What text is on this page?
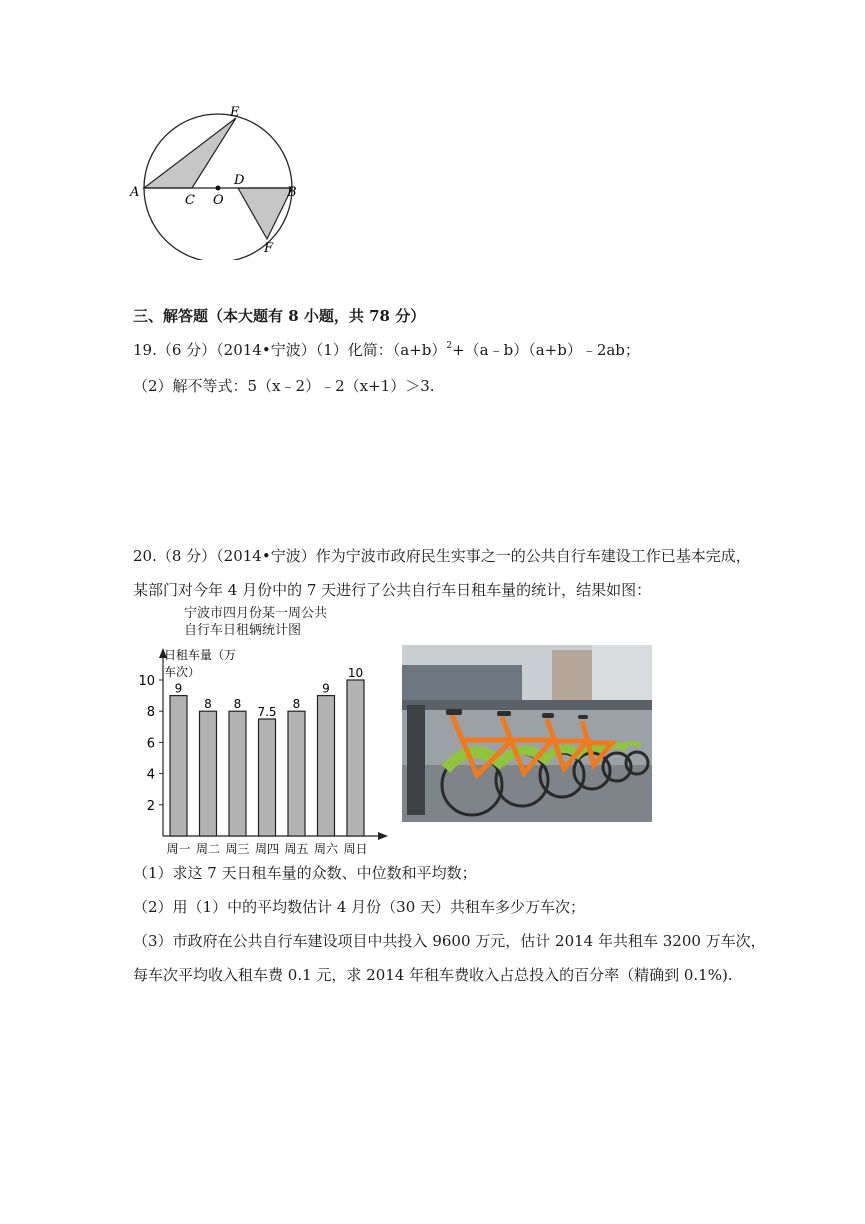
E
A
C O
D
B
F
三、解答题（本大题有 8 小题，共 78 分）
19.（6 分）（2014•宁波）（1）化简：$(a+b)^2+(a﹣b)(a+b)﹣2ab$；
（2）解不等式：5（x﹣2）﹣2（x+1）＞3.
20.（8 分）（2014•宁波）作为宁波市政府民生实事之一的公共自行车建设工作已基本完成，
某部门对今年 4 月份中的 7 天进行了公共自行车日租车量的统计，结果如图：
宁波市四月份某一周公共
自行车日租辆统计图
日租车量（万
车次）
2
4
6
8
10 9
周一
8
周二
8
周三
7.5
周四
8
周五
9
周六
10
周日
（1）求这 7 天日租车量的众数、中位数和平均数；
（2）用（1）中的平均数估计 4 月份（30 天）共租车多少万车次；
（3）市政府在公共自行车建设项目中共投入 9600 万元，估计 2014 年共租车 3200 万车次，
每车次平均收入租车费 0.1 元，求 2014 年租车费收入占总投入的百分率（精确到 0.1%).
